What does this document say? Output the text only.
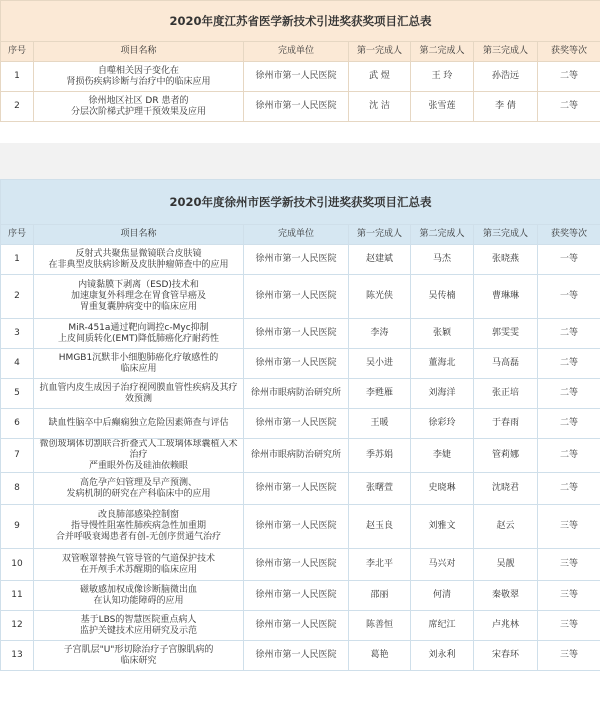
2020年度江苏省医学新技术引进奖获奖项目汇总表						
序号	项目名称	完成单位	第一完成人	第二完成人	第三完成人	获奖等次
1	自噬相关因子变化在
肾损伤疾病诊断与治疗中的临床应用	徐州市第一人民医院	武 煜	王 玲	孙浩远	二等
2	徐州地区社区 DR 患者的
分层次阶梯式护理干预效果及应用	徐州市第一人民医院	沈 洁	张雪莲	李 倩	二等
2020年度徐州市医学新技术引进奖获奖项目汇总表						
序号	项目名称	完成单位	第一完成人	第二完成人	第三完成人	获奖等次
1	反射式共聚焦显微镜联合皮肤镜
在非典型皮肤病诊断及皮肤肿瘤筛查中的应用	徐州市第一人民医院	赵建斌	马杰	张晓燕	一等
2	内镜黏膜下剥离（ESD)技术和
加速康复外科理念在胃食管早癌及
胃重复囊肿病变中的临床应用	徐州市第一人民医院	陈光侠	吴传楠	曹琳琳	一等
3	MiR-451a通过靶向调控c-Myc抑制
上皮间质转化(EMT)降低肺癌化疗耐药性	徐州市第一人民医院	李涛	张颖	郭雯雯	二等
4	HMGB1沉默非小细胞肺癌化疗敏感性的
临床应用	徐州市第一人民医院	吴小进	董海北	马高磊	二等
5	抗血管内皮生成因子治疗视网膜血管性疾病及其疗效预测	徐州市眼病防治研究所	李甦雁	刘海洋	张正培	二等
6	缺血性脑卒中后癫痫独立危险因素筛查与评估	徐州市第一人民医院	王暖	徐彩玲	于春雨	二等
7	微创玻璃体切割联合折叠式人工玻璃体球囊植入术治疗
严重眼外伤及硅油依赖眼	徐州市眼病防治研究所	季苏娟	李婕	管莉娜	二等
8	高危孕产妇管理及早产预测、
发病机制的研究在产科临床中的应用	徐州市第一人民医院	张曙萱	史晓琳	沈晓君	二等
9	改良肺部感染控制窗
指导慢性阻塞性肺疾病急性加重期
合并呼吸衰竭患者有创-无创序贯通气治疗	徐州市第一人民医院	赵玉良	刘雅文	赵云	三等
10	双管喉罩替换气管导管的气道保护技术
在开颅手术苏醒期的临床应用	徐州市第一人民医院	李北平	马兴对	吴靓	三等
11	磁敏感加权成像诊断脑微出血
在认知功能障碍的应用	徐州市第一人民医院	邵丽	何清	秦敬翠	三等
12	基于LBS的智慧医院重点病人
监护关键技术应用研究及示范	徐州市第一人民医院	陈善恒	席纪江	卢兆林	三等
13	子宫肌层"U"形切除治疗子宫腺肌病的
临床研究	徐州市第一人民医院	葛艳	刘永利	宋春环	三等
